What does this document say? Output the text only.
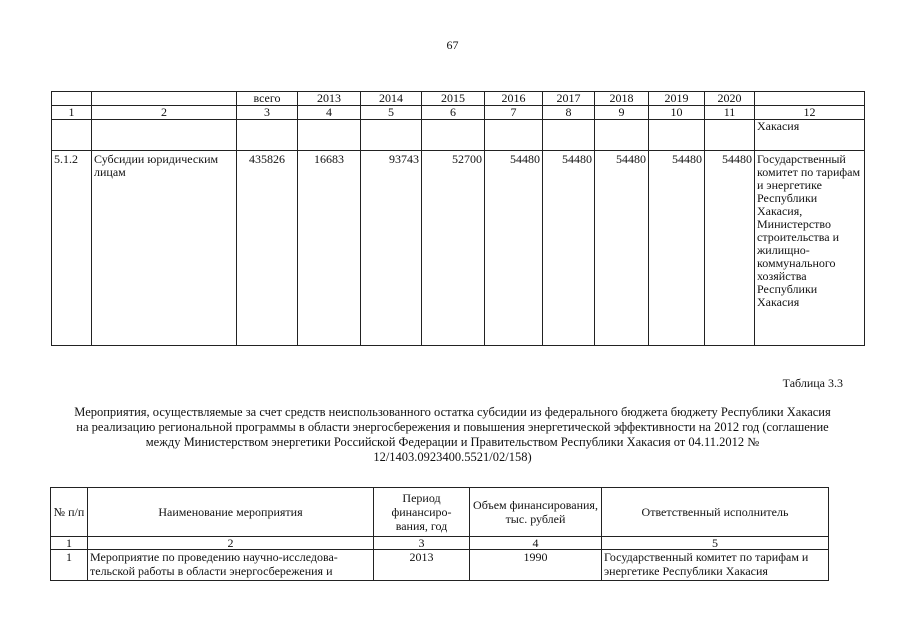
67
		всего	2013	2014	2015	2016	2017	2018	2019	2020	
1	2	3	4	5	6	7	8	9	10	11	12
											Хакасия
5.1.2	Субсидии юридическим лицам	435826	16683	93743	52700	54480	54480	54480	54480	54480	Государственный комитет по тарифам и энергетике Республики Хакасия, Министерство строительства и жилищно-коммунального хозяйства Республики Хакасия
Таблица 3.3
Мероприятия, осуществляемые за счет средств неиспользованного остатка субсидии из федерального бюджета бюджету Республики Хакасия на реализацию региональной программы в области энергосбережения и повышения энергетической эффективности на 2012 год (соглашение между Министерством энергетики Российской Федерации и Правительством Республики Хакасия от 04.11.2012 № 12/1403.0923400.5521/02/158)
№ п/п	Наименование мероприятия	Период финансиро-вания, год	Объем финансирования, тыс. рублей	Ответственный исполнитель
1	2	3	4	5
1	Мероприятие по проведению научно-исследова-тельской работы в области энергосбережения и	2013	1990	Государственный комитет по тарифам и энергетике Республики Хакасия
